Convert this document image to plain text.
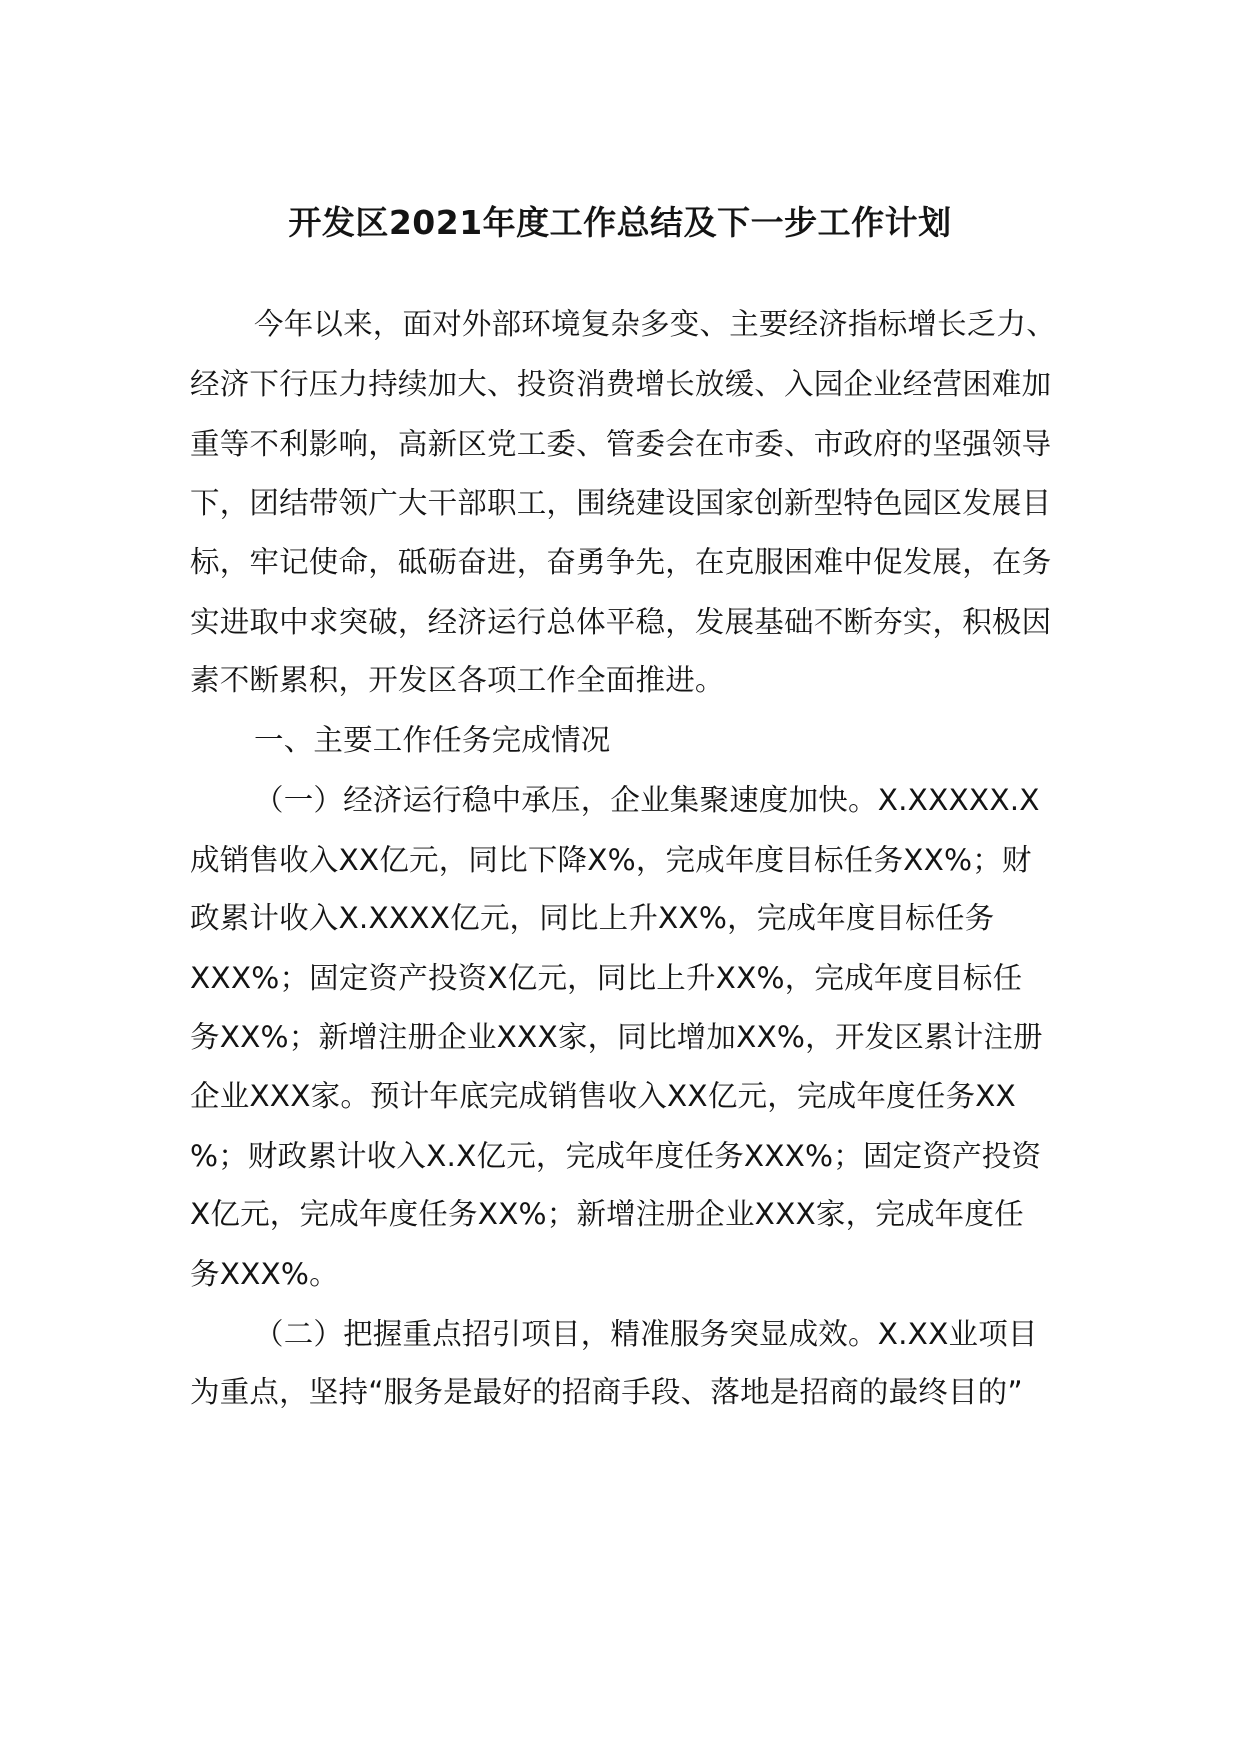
开发区2021年度工作总结及下一步工作计划
今年以来，面对外部环境复杂多变、主要经济指标增长乏力、
经济下行压力持续加大、投资消费增长放缓、入园企业经营困难加
重等不利影响，高新区党工委、管委会在市委、市政府的坚强领导
下，团结带领广大干部职工，围绕建设国家创新型特色园区发展目
标，牢记使命，砥砺奋进，奋勇争先，在克服困难中促发展，在务
实进取中求突破，经济运行总体平稳，发展基础不断夯实，积极因
素不断累积，开发区各项工作全面推进。
一、主要工作任务完成情况
（一）经济运行稳中承压，企业集聚速度加快。X.XXXXX.X
成销售收入XX亿元，同比下降X%，完成年度目标任务XX%；财
政累计收入X.XXXX亿元，同比上升XX%，完成年度目标任务
XXX%；固定资产投资X亿元，同比上升XX%，完成年度目标任
务XX%；新增注册企业XXX家，同比增加XX%，开发区累计注册
企业XXX家。预计年底完成销售收入XX亿元，完成年度任务XX
%；财政累计收入X.X亿元，完成年度任务XXX%；固定资产投资
X亿元，完成年度任务XX%；新增注册企业XXX家，完成年度任
务XXX%。
（二）把握重点招引项目，精准服务突显成效。X.XX业项目
为重点，坚持“服务是最好的招商手段、落地是招商的最终目的”
